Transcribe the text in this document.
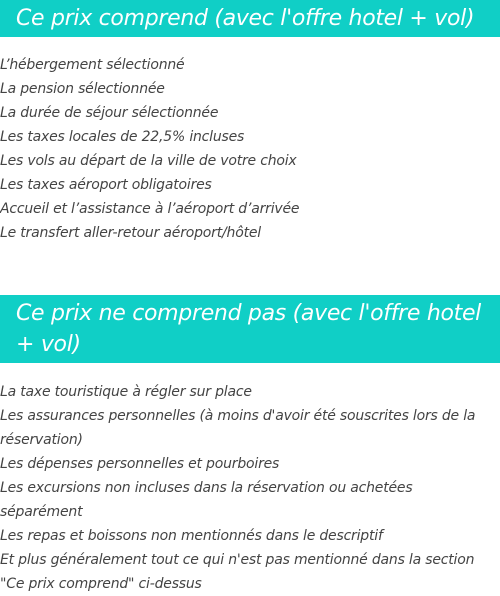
Ce prix comprend (avec l'offre hotel + vol)
L’hébergement sélectionné
La pension sélectionnée
La durée de séjour sélectionnée
Les taxes locales de 22,5% incluses
Les vols au départ de la ville de votre choix
Les taxes aéroport obligatoires
Accueil et l’assistance à l’aéroport d’arrivée
Le transfert aller-retour aéroport/hôtel
Ce prix ne comprend pas (avec l'offre hotel + vol)
La taxe touristique à régler sur place
Les assurances personnelles (à moins d'avoir été souscrites lors de la réservation)
Les dépenses personnelles et pourboires
Les excursions non incluses dans la réservation ou achetées séparément
Les repas et boissons non mentionnés dans le descriptif
Et plus généralement tout ce qui n'est pas mentionné dans la section "Ce prix comprend" ci-dessus
